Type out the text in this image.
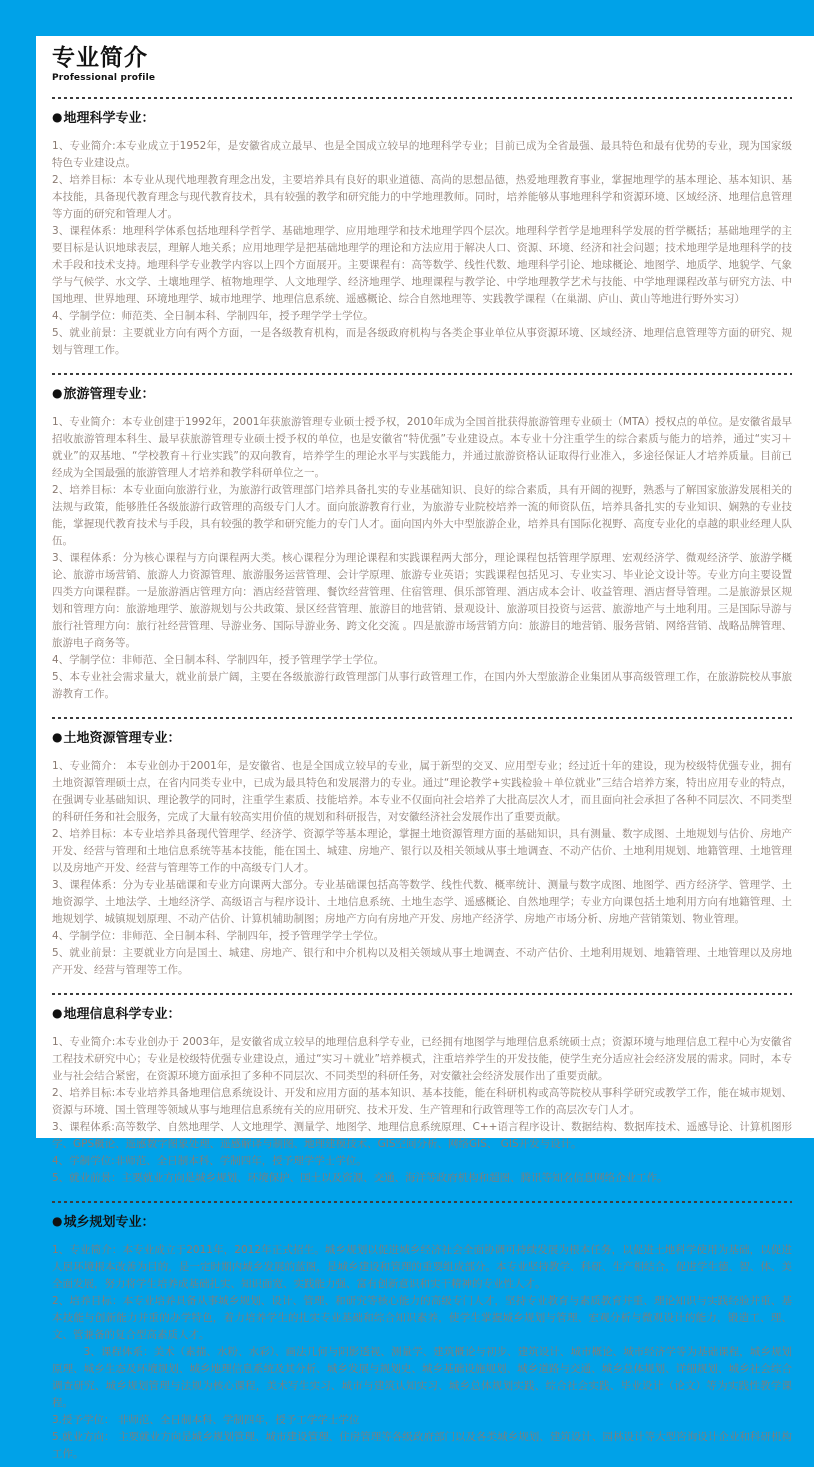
专业简介
Professional profile
● 地理科学专业：

1、专业简介:本专业成立于1952年，是安徽省成立最早、也是全国成立较早的地理科学专业；目前已成为全省最强、最具特色和最有优势的专业，现为国家级特色专业建设点。

2、培养目标：本专业从现代地理教育理念出发，主要培养具有良好的职业道德、高尚的思想品德，热爱地理教育事业，掌握地理学的基本理论、基本知识、基本技能，具备现代教育理念与现代教育技术，具有较强的教学和研究能力的中学地理教师。同时，培养能够从事地理科学和资源环境、区域经济、地理信息管理等方面的研究和管理人才。

3、课程体系：地理科学体系包括地理科学哲学、基础地理学、应用地理学和技术地理学四个层次。地理科学哲学是地理科学发展的哲学概括；基础地理学的主要目标是认识地球表层，理解人地关系；应用地理学是把基础地理学的理论和方法应用于解决人口、资源、环境、经济和社会问题；技术地理学是地理科学的技术手段和技术支持。地理科学专业教学内容以上四个方面展开。主要课程有：高等数学、线性代数、地理科学引论、地球概论、地图学、地质学、地貌学、气象学与气候学、水文学、土壤地理学、植物地理学、人文地理学、经济地理学、地理课程与教学论、中学地理教学艺术与技能、中学地理课程改革与研究方法、中国地理、世界地理、环境地理学、城市地理学、地理信息系统、遥感概论、综合自然地理等、实践教学课程（在巢湖、庐山、黄山等地进行野外实习）

4、学制学位：师范类、全日制本科、学制四年，授予理学学士学位。

5、就业前景：主要就业方向有两个方面，一是各级教育机构，而是各级政府机构与各类企事业单位从事资源环境、区域经济、地理信息管理等方面的研究、规划与管理工作。

● 旅游管理专业：

1、专业简介：本专业创建于1992年，2001年获旅游管理专业硕士授予权，2010年成为全国首批获得旅游管理专业硕士（MTA）授权点的单位。是安徽省最早招收旅游管理本科生、最早获旅游管理专业硕士授予权的单位，也是安徽省“特优强”专业建设点。本专业十分注重学生的综合素质与能力的培养，通过“实习＋就业”的双基地、“学校教育＋行业实践”的双向教育，培养学生的理论水平与实践能力，并通过旅游资格认证取得行业准入，多途径保证人才培养质量。目前已经成为全国最强的旅游管理人才培养和教学科研单位之一。

2、培养目标：本专业面向旅游行业，为旅游行政管理部门培养具备扎实的专业基础知识、良好的综合素质，具有开阔的视野，熟悉与了解国家旅游发展相关的法规与政策，能够胜任各级旅游行政管理的高级专门人才。面向旅游教育行业，为旅游专业院校培养一流的师资队伍，培养具备扎实的专业知识、娴熟的专业技能，掌握现代教育技术与手段，具有较强的教学和研究能力的专门人才。面向国内外大中型旅游企业，培养具有国际化视野、高度专业化的卓越的职业经理人队伍。

3、课程体系：分为核心课程与方向课程两大类。核心课程分为理论课程和实践课程两大部分，理论课程包括管理学原理、宏观经济学、微观经济学、旅游学概论、旅游市场营销、旅游人力资源管理、旅游服务运营管理、会计学原理、旅游专业英语；实践课程包括见习、专业实习、毕业论文设计等。专业方向主要设置四类方向课程群。一是旅游酒店管理方向：酒店经营管理、餐饮经营管理、住宿管理、俱乐部管理、酒店成本会计、收益管理、酒店督导管理。二是旅游景区规划和管理方向：旅游地理学、旅游规划与公共政策、景区经营管理、旅游目的地营销、景观设计、旅游项目投资与运营、旅游地产与土地利用。三是国际导游与旅行社管理方向：旅行社经营管理、导游业务、国际导游业务、跨文化交流 。四是旅游市场营销方向：旅游目的地营销、服务营销、网络营销、战略品牌管理、旅游电子商务等。

4、学制学位：非师范、全日制本科、学制四年，授予管理学学士学位。

5、本专业社会需求量大，就业前景广阔，主要在各级旅游行政管理部门从事行政管理工作，在国内外大型旅游企业集团从事高级管理工作，在旅游院校从事旅游教育工作。

● 土地资源管理专业：

1、专业简介： 本专业创办于2001年，是安徽省、也是全国成立较早的专业，属于新型的交叉、应用型专业；经过近十年的建设，现为校级特优强专业，拥有土地资源管理硕士点，在省内同类专业中，已成为最具特色和发展潜力的专业。通过“理论教学+实践检验＋单位就业”三结合培养方案，特出应用专业的特点，在强调专业基础知识、理论教学的同时，注重学生素质、技能培养。本专业不仅面向社会培养了大批高层次人才，而且面向社会承担了各种不同层次、不同类型的科研任务和社会服务，完成了大量有较高实用价值的规划和科研报告，对安徽经济社会发展作出了重要贡献。

2、培养目标：本专业培养具备现代管理学、经济学、资源学等基本理论，掌握土地资源管理方面的基础知识，具有测量、数字成图、土地规划与估价、房地产开发、经营与管理和土地信息系统等基本技能，能在国土、城建、房地产、银行以及相关领域从事土地调查、不动产估价、土地利用规划、地籍管理、土地管理以及房地产开发、经营与管理等工作的中高级专门人才。

3、课程体系：分为专业基础课和专业方向课两大部分。专业基础课包括高等数学、线性代数、概率统计、测量与数字成图、地图学、西方经济学、管理学、土地资源学、土地法学、土地经济学、高级语言与程序设计、土地信息系统、土地生态学、遥感概论、自然地理学；专业方向课包括土地利用方向有地籍管理、土地规划学、城镇规划原理、不动产估价、计算机辅助制图；房地产方向有房地产开发、房地产经济学、房地产市场分析、房地产营销策划、物业管理。

4、学制学位：非师范、全日制本科、学制四年，授予管理学学士学位。

5、就业前景：主要就业方向是国土、城建、房地产、银行和中介机构以及相关领域从事土地调查、不动产估价、土地利用规划、地籍管理、土地管理以及房地产开发、经营与管理等工作。

● 地理信息科学专业：

1、专业简介:本专业创办于 2003年，是安徽省成立较早的地理信息科学专业，已经拥有地图学与地理信息系统硕士点；资源环境与地理信息工程中心为安徽省工程技术研究中心；专业是校级特优强专业建设点，通过“实习＋就业”培养模式，注重培养学生的开发技能，使学生充分适应社会经济发展的需求。同时，本专业与社会结合紧密，在资源环境方面承担了多种不同层次、不同类型的科研任务，对安徽社会经济发展作出了重要贡献。

2、培养目标:本专业培养具备地理信息系统设计、开发和应用方面的基本知识、基本技能，能在科研机构或高等院校从事科学研究或教学工作，能在城市规划、资源与环境、国土管理等领域从事与地理信息系统有关的应用研究、技术开发、生产管理和行政管理等工作的高层次专门人才。

3、课程体系:高等数学、自然地理学、人文地理学、测量学、地图学、地理信息系统原理、C++语言程序设计、数据结构、数据库技术、遥感导论、计算机图形学、GPS概论、遥感数字图象处理、遥感解译与制图、地理建模技术、GIS空间分析、网络GIS、 GIS开发与设计。

4、学制学位:非师范、全日制本科、学制四年，授予理学学士学位。

5、就业前景：主要就业方向是城乡规划、环境保护、国土以及资源、交通、海洋等政府机构和超图、腾讯等知名信息网络企业工作。

● 城乡规划专业：

1、专业简介：本专业成立于2011年，2012年正式招生。城乡规划以促进城乡经济社会全面协调可持续发展为根本任务，以促进土地科学使用为基础，以促进人居环境根本改善为目的，是一定时期内城乡发展的蓝图，是城乡建设和管理的重要组成部分。本专业坚持教学、科研、生产相结合，促进学生德、智、体、美全面发展，努力将学生培养成基础扎实、知识面宽、实践能力强、富有创新意识和实干精神的专业性人才。

2、培养目标：本专业培养具备从事城乡规划、设计、管理、和研究等核心能力的高级专门人才，坚持专业教育与素质教育并重、理论知识与实践经验并重、基本技能与创新能力并重的办学特色，着力培养学生的扎实专业基础和综合知识素养，使学生掌握城乡规划与管理、宏观分析与微观设计的能力，锻造工、理、文、管兼备的复合型高素质人才。

　　　3、课程体系：美术（素描、水粉、水彩）、画法几何与阴影透视、测量学、建筑概论与初步、建筑设计、城市概论、城市经济学等为基础课程，城乡规划原理、城乡生态及环境规划、城乡地理信息系统及其分析、城乡发展与规划史、城乡基础设施规划、城乡道路与交通、城乡总体规划、详细规划、城乡社会综合调查研究、城乡规划管理与法规为核心课程，美术写生实习、城市与建筑认知实习、城乡总体规划实践、综合社会实践、毕业设计（论文）等为实践性教学课程。

3.授予学位： 非师范、全日制本科、学制四年，授予工学学士学位

5.就业方向： 主要就业方向是城乡规划管理、城市建设管理、住房管理等各级政府部门以及各类城乡规划、建筑设计、园林设计等大型咨询设计企业和科研机构工作。
